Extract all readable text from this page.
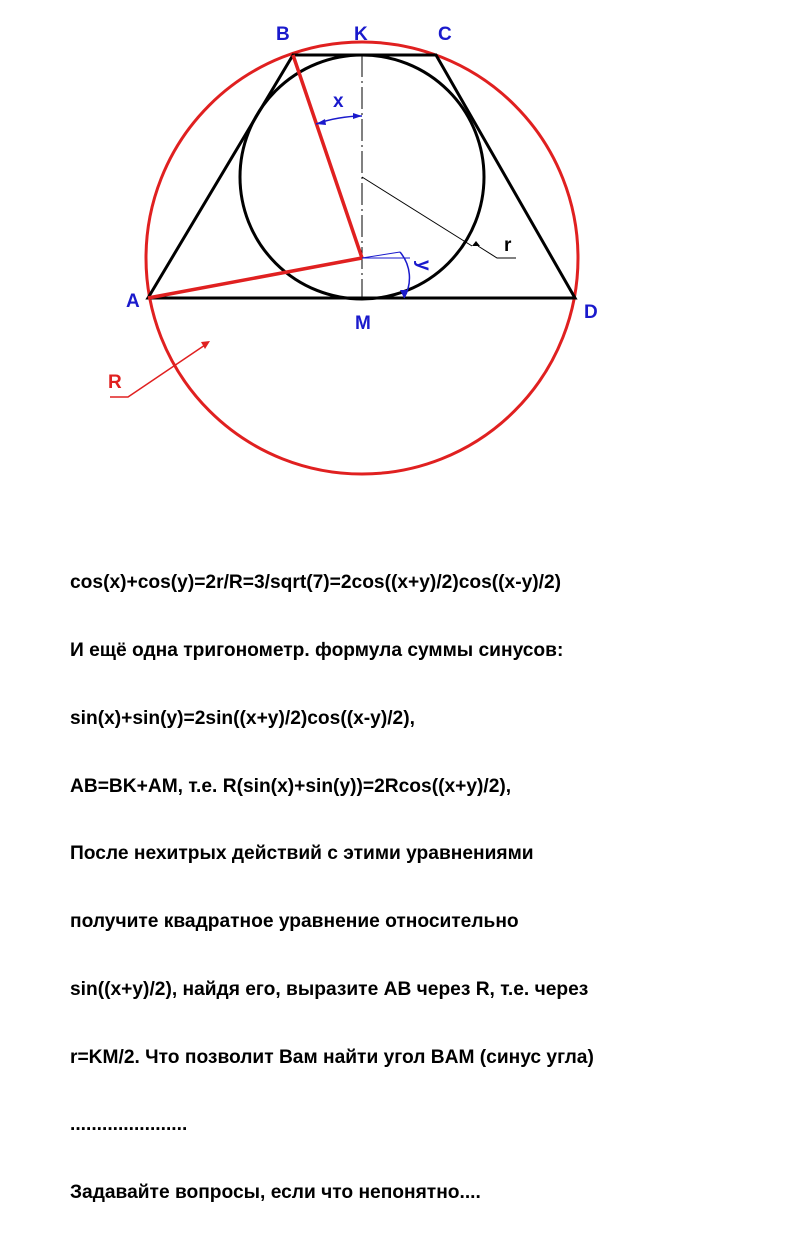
B	K	C
A
M
D
x
y
r
R

cos(x)+cos(y)=2r/R=3/sqrt(7)=2cos((x+y)/2)cos((x-y)/2)

И ещё одна тригонометр. формула суммы синусов:

sin(x)+sin(y)=2sin((x+y)/2)cos((x-y)/2),

AB=BK+AM, т.е. R(sin(x)+sin(y))=2Rcos((x+y)/2),

После нехитрых действий с этими уравнениями

получите квадратное уравнение относительно

sin((x+y)/2), найдя его, выразите AB через R, т.е. через

r=KM/2. Что позволит Вам найти угол BAM (синус угла)

......................

Задавайте вопросы, если что непонятно....
